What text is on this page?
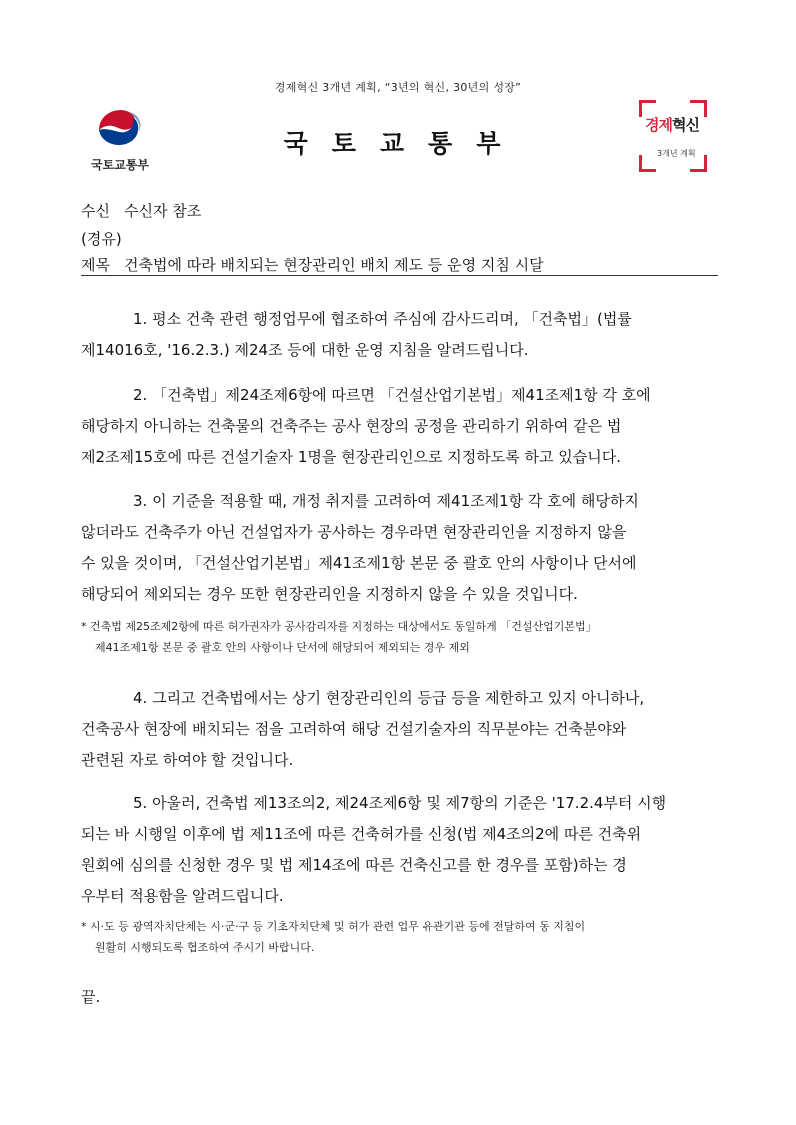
경제혁신 3개년 계획, “3년의 혁신, 30년의 성장”
국토교통부
국토교통부
경제혁신
3개년 계획
수신 수신자 참조
(경유)
제목 건축법에 따라 배치되는 현장관리인 배치 제도 등 운영 지침 시달
1. 평소 건축 관련 행정업무에 협조하여 주심에 감사드리며, 「건축법」(법률
제14016호, '16.2.3.) 제24조 등에 대한 운영 지침을 알려드립니다.
2. 「건축법」제24조제6항에 따르면 「건설산업기본법」제41조제1항 각 호에
해당하지 아니하는 건축물의 건축주는 공사 현장의 공정을 관리하기 위하여 같은 법
제2조제15호에 따른 건설기술자 1명을 현장관리인으로 지정하도록 하고 있습니다.
3. 이 기준을 적용할 때, 개정 취지를 고려하여 제41조제1항 각 호에 해당하지
않더라도 건축주가 아닌 건설업자가 공사하는 경우라면 현장관리인을 지정하지 않을
수 있을 것이며, 「건설산업기본법」제41조제1항 본문 중 괄호 안의 사항이나 단서에
해당되어 제외되는 경우 또한 현장관리인을 지정하지 않을 수 있을 것입니다.
* 건축법 제25조제2항에 따른 허가권자가 공사감리자를 지정하는 대상에서도 동일하게 「건설산업기본법」
제41조제1항 본문 중 괄호 안의 사항이나 단서에 해당되어 제외되는 경우 제외
4. 그리고 건축법에서는 상기 현장관리인의 등급 등을 제한하고 있지 아니하나,
건축공사 현장에 배치되는 점을 고려하여 해당 건설기술자의 직무분야는 건축분야와
관련된 자로 하여야 할 것입니다.
5. 아울러, 건축법 제13조의2, 제24조제6항 및 제7항의 기준은 '17.2.4부터 시행
되는 바 시행일 이후에 법 제11조에 따른 건축허가를 신청(법 제4조의2에 따른 건축위
원회에 심의를 신청한 경우 및 법 제14조에 따른 건축신고를 한 경우를 포함)하는 경
우부터 적용함을 알려드립니다.
* 시·도 등 광역자치단체는 시·군·구 등 기초자치단체 및 허가 관련 업무 유관기관 등에 전달하여 동 지침이
원활히 시행되도록 협조하여 주시기 바랍니다.
끝.
